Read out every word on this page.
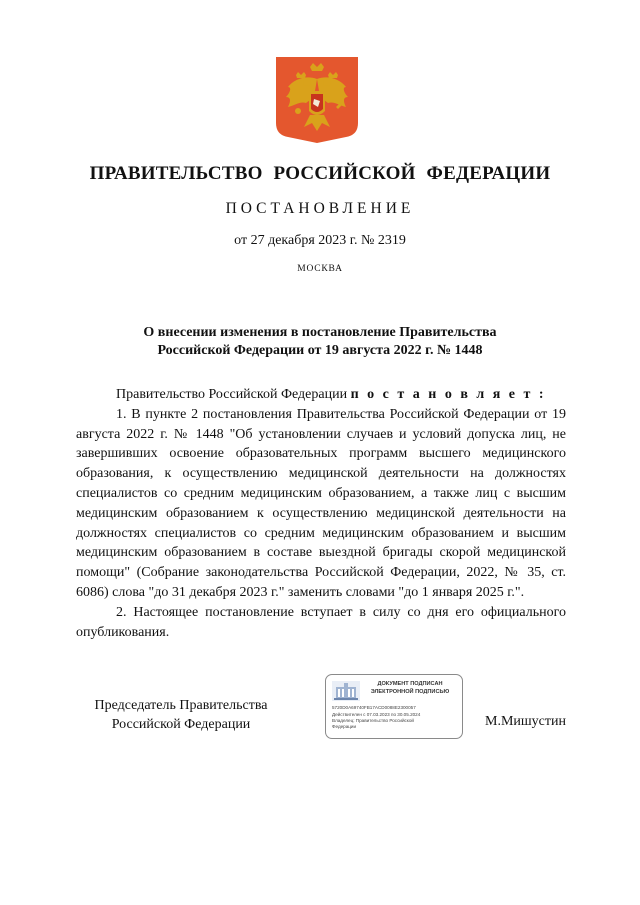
ПРАВИТЕЛЬСТВО РОССИЙСКОЙ ФЕДЕРАЦИИ
ПОСТАНОВЛЕНИЕ
от 27 декабря 2023 г. № 2319
МОСКВА
О внесении изменения в постановление Правительства
Российской Федерации от 19 августа 2022 г. № 1448

Правительство Российской Федерации п о с т а н о в л я е т :

1. В пункте 2 постановления Правительства Российской Федерации от 19 августа 2022 г. № 1448 "Об установлении случаев и условий допуска лиц, не завершивших освоение образовательных программ высшего медицинского образования, к осуществлению медицинской деятельности на должностях специалистов со средним медицинским образованием, а также лиц с высшим медицинским образованием к осуществлению медицинской деятельности на должностях специалистов со средним медицинским образованием и высшим медицинским образованием в составе выездной бригады скорой медицинской помощи" (Собрание законодательства Российской Федерации, 2022, № 35, ст. 6086) слова "до 31 декабря 2023 г." заменить словами "до 1 января 2025 г.".

2. Настоящее постановление вступает в силу со дня его официального опубликования.

Председатель Правительства
Российской Федерации
ДОКУМЕНТ ПОДПИСАН
ЭЛЕКТРОННОЙ ПОДПИСЬЮ
5720D0A69740FB17ACD0088E2300057
Действителен с 07.03.2023 по 30.05.2024
Владелец: Правительство Российской
Федерации	М.Мишустин
